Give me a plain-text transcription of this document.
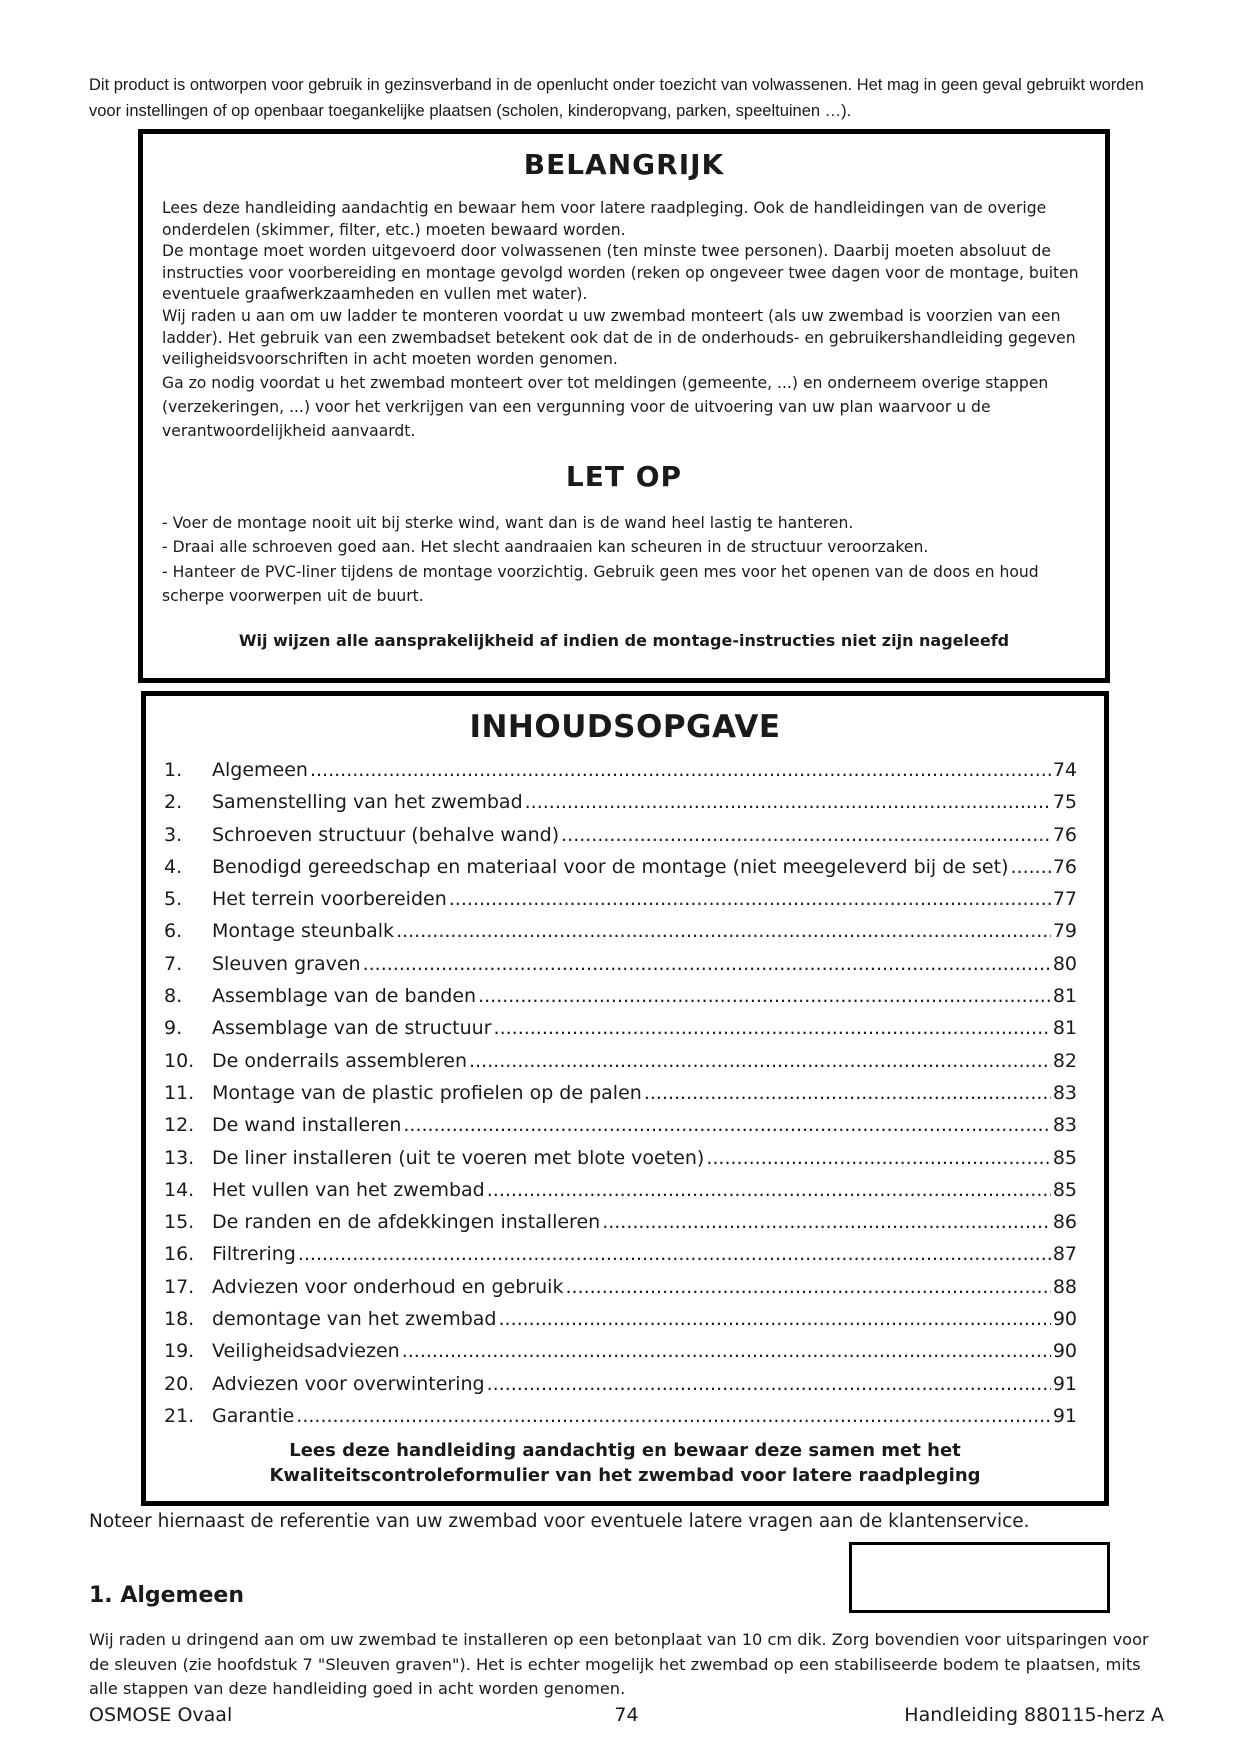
Dit product is ontworpen voor gebruik in gezinsverband in de openlucht onder toezicht van volwassenen. Het mag in geen geval gebruikt worden voor instellingen of op openbaar toegankelijke plaatsen (scholen, kinderopvang, parken, speeltuinen …).
BELANGRIJK

Lees deze handleiding aandachtig en bewaar hem voor latere raadpleging. Ook de handleidingen van de overige onderdelen (skimmer, filter, etc.) moeten bewaard worden.

De montage moet worden uitgevoerd door volwassenen (ten minste twee personen). Daarbij moeten absoluut de instructies voor voorbereiding en montage gevolgd worden (reken op ongeveer twee dagen voor de montage, buiten eventuele graafwerkzaamheden en vullen met water).

Wij raden u aan om uw ladder te monteren voordat u uw zwembad monteert (als uw zwembad is voorzien van een ladder). Het gebruik van een zwembadset betekent ook dat de in de onderhouds- en gebruikershandleiding gegeven veiligheidsvoorschriften in acht moeten worden genomen.

Ga zo nodig voordat u het zwembad monteert over tot meldingen (gemeente, ...) en onderneem overige stappen (verzekeringen, ...) voor het verkrijgen van een vergunning voor de uitvoering van uw plan waarvoor u de verantwoordelijkheid aanvaardt.

LET OP

- Voer de montage nooit uit bij sterke wind, want dan is de wand heel lastig te hanteren.

- Draai alle schroeven goed aan. Het slecht aandraaien kan scheuren in de structuur veroorzaken.

- Hanteer de PVC-liner tijdens de montage voorzichtig. Gebruik geen mes voor het openen van de doos en houd scherpe voorwerpen uit de buurt.

Wij wijzen alle aansprakelijkheid af indien de montage-instructies niet zijn nageleefd
INHOUDSOPGAVE
1.	Algemeen .....	74
2.	Samenstelling van het zwembad .....	75
3.	Schroeven structuur (behalve wand) .....	76
4.	Benodigd gereedschap en materiaal voor de montage (niet meegeleverd bij de set) ..... 76
5.	Het terrein voorbereiden .....	77
6.	Montage steunbalk .....	79
7.	Sleuven graven .....	80
8.	Assemblage van de banden .....	81
9.	Assemblage van de structuur .....	81
10. De onderrails assembleren .....	82
11. Montage van de plastic profielen op de palen .....	83
12. De wand installeren .....	83
13. De liner installeren (uit te voeren met blote voeten) .....	85
14. Het vullen van het zwembad .....	85
15. De randen en de afdekkingen installeren .....	86
16. Filtrering .....	87
17. Adviezen voor onderhoud en gebruik .....	88
18. demontage van het zwembad .....	90
19. Veiligheidsadviezen .....	90
20. Adviezen voor overwintering .....	91
21. Garantie .....	91
Lees deze handleiding aandachtig en bewaar deze samen met het
Kwaliteitscontroleformulier van het zwembad voor latere raadpleging
Noteer hiernaast de referentie van uw zwembad voor eventuele latere vragen aan de klantenservice.
1. Algemeen
Wij raden u dringend aan om uw zwembad te installeren op een betonplaat van 10 cm dik. Zorg bovendien voor uitsparingen voor de sleuven (zie hoofdstuk 7 "Sleuven graven"). Het is echter mogelijk het zwembad op een stabiliseerde bodem te plaatsen, mits alle stappen van deze handleiding goed in acht worden genomen.
OSMOSE Ovaal	74	Handleiding 880115-herz A
